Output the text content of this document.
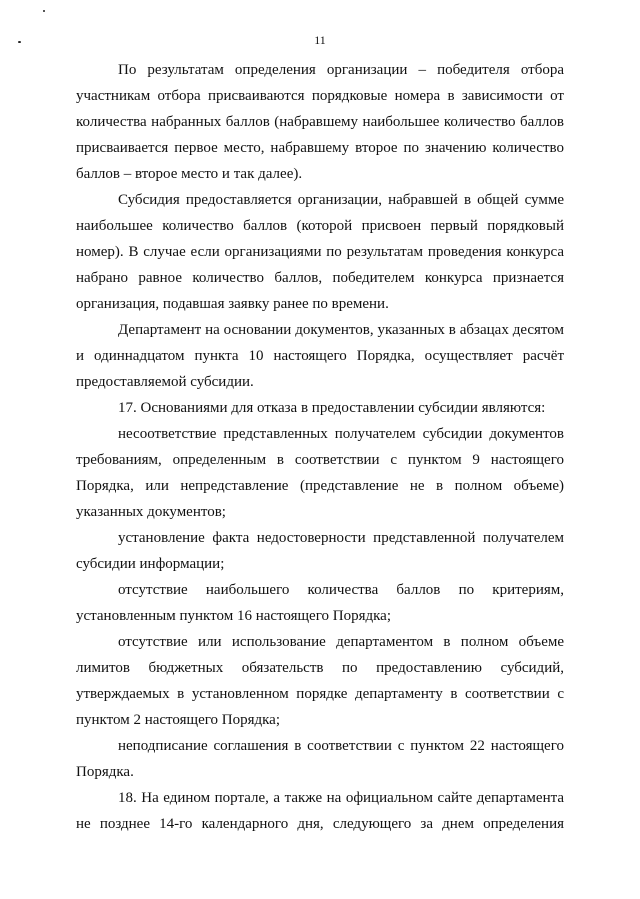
11

По результатам определения организации – победителя отбора участникам отбора присваиваются порядковые номера в зависимости от количества набранных баллов (набравшему наибольшее количество баллов присваивается первое место, набравшему второе по значению количество баллов – второе место и так далее).

Субсидия предоставляется организации, набравшей в общей сумме наибольшее количество баллов (которой присвоен первый порядковый номер). В случае если организациями по результатам проведения конкурса набрано равное количество баллов, победителем конкурса признается организация, подавшая заявку ранее по времени.

Департамент на основании документов, указанных в абзацах десятом и одиннадцатом пункта 10 настоящего Порядка, осуществляет расчёт предоставляемой субсидии.

17. Основаниями для отказа в предоставлении субсидии являются:

несоответствие представленных получателем субсидии документов требованиям, определенным в соответствии с пунктом 9 настоящего Порядка, или непредставление (представление не в полном объеме) указанных документов;

установление факта недостоверности представленной получателем субсидии информации;

отсутствие наибольшего количества баллов по критериям, установленным пунктом 16 настоящего Порядка;

отсутствие или использование департаментом в полном объеме лимитов бюджетных обязательств по предоставлению субсидий, утверждаемых в установленном порядке департаменту в соответствии с пунктом 2 настоящего Порядка;

неподписание соглашения в соответствии с пунктом 22 настоящего Порядка.

18. На едином портале, а также на официальном сайте департамента не позднее 14-го календарного дня, следующего за днем определения
